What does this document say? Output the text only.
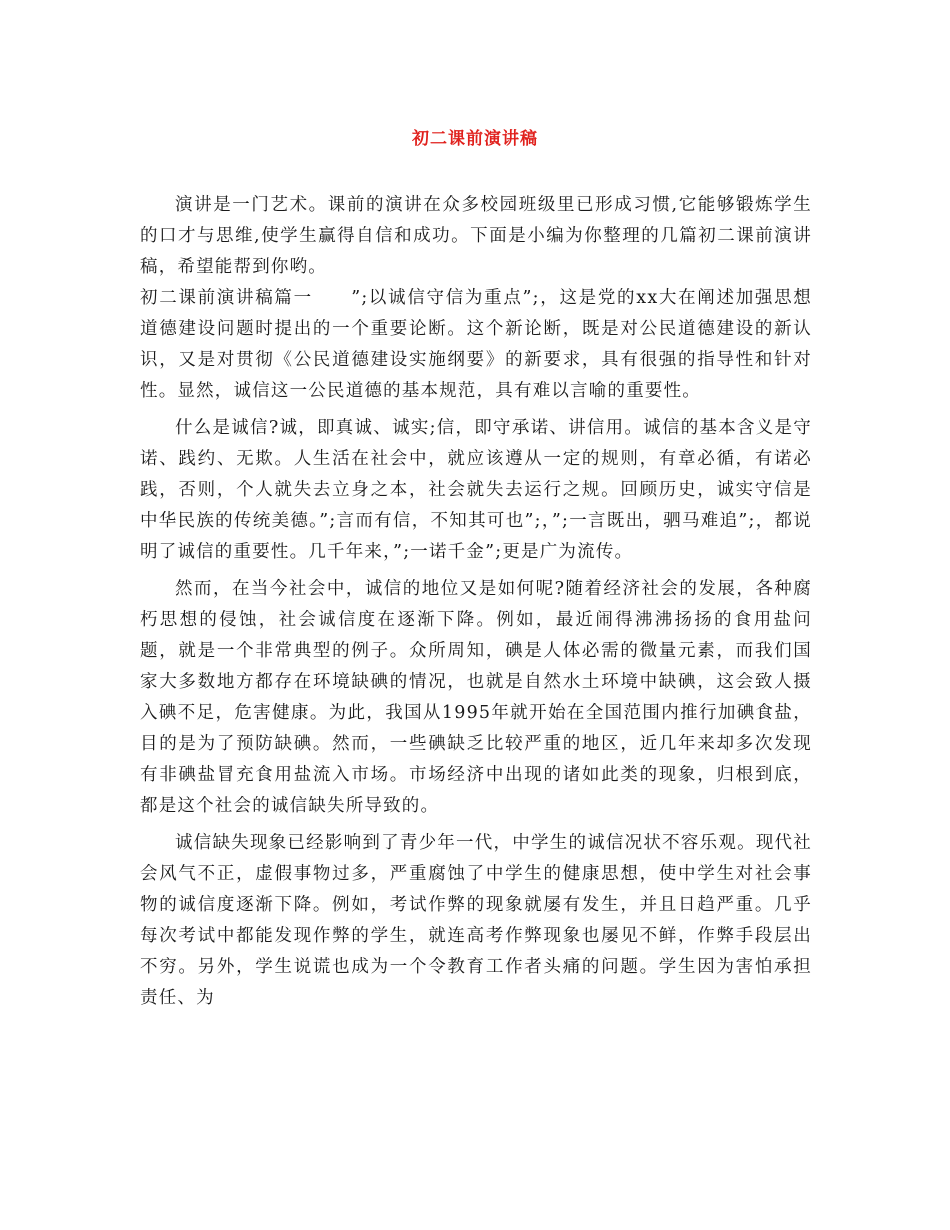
初二课前演讲稿

演讲是一门艺术。课前的演讲在众多校园班级里已形成习惯,它能够锻炼学生的口才与思维,使学生赢得自信和成功。下面是小编为你整理的几篇初二课前演讲稿，希望能帮到你哟。

初二课前演讲稿篇一　　”;以诚信守信为重点”;，这是党的xx大在阐述加强思想道德建设问题时提出的一个重要论断。这个新论断，既是对公民道德建设的新认识，又是对贯彻《公民道德建设实施纲要》的新要求，具有很强的指导性和针对性。显然，诚信这一公民道德的基本规范，具有难以言喻的重要性。

什么是诚信?诚，即真诚、诚实;信，即守承诺、讲信用。诚信的基本含义是守诺、践约、无欺。人生活在社会中，就应该遵从一定的规则，有章必循，有诺必践，否则，个人就失去立身之本，社会就失去运行之规。回顾历史，诚实守信是中华民族的传统美德。”;言而有信，不知其可也”;，”;一言既出，驷马难追”;，都说明了诚信的重要性。几千年来，”;一诺千金”;更是广为流传。

然而，在当今社会中，诚信的地位又是如何呢?随着经济社会的发展，各种腐朽思想的侵蚀，社会诚信度在逐渐下降。例如，最近闹得沸沸扬扬的食用盐问题，就是一个非常典型的例子。众所周知，碘是人体必需的微量元素，而我们国家大多数地方都存在环境缺碘的情况，也就是自然水土环境中缺碘，这会致人摄入碘不足，危害健康。为此，我国从1995年就开始在全国范围内推行加碘食盐，目的是为了预防缺碘。然而，一些碘缺乏比较严重的地区，近几年来却多次发现有非碘盐冒充食用盐流入市场。市场经济中出现的诸如此类的现象，归根到底，都是这个社会的诚信缺失所导致的。

诚信缺失现象已经影响到了青少年一代，中学生的诚信况状不容乐观。现代社会风气不正，虚假事物过多，严重腐蚀了中学生的健康思想，使中学生对社会事物的诚信度逐渐下降。例如，考试作弊的现象就屡有发生，并且日趋严重。几乎每次考试中都能发现作弊的学生，就连高考作弊现象也屡见不鲜，作弊手段层出不穷。另外，学生说谎也成为一个令教育工作者头痛的问题。学生因为害怕承担责任、为
